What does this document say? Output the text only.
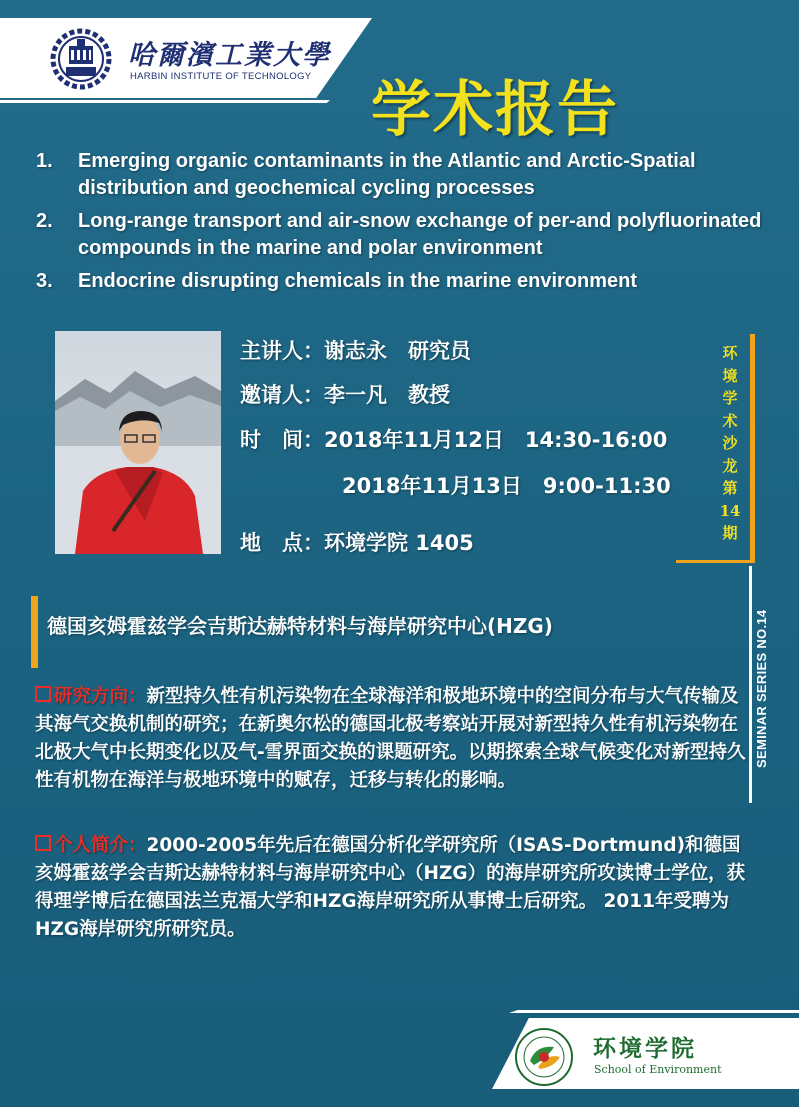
哈爾濱工業大學
HARBIN INSTITUTE OF TECHNOLOGY 学术报告
1. Emerging organic contaminants in the Atlantic and Arctic-Spatial distribution and geochemical cycling processes
2. Long-range transport and air-snow exchange of per-and polyfluorinated compounds in the marine and polar environment
3. Endocrine disrupting chemicals in the marine environment
主讲人：谢志永　研究员
邀请人：李一凡　教授
时　间：2018年11月12日　14:30-16:00
2018年11月13日　9:00-11:30
地　点：环境学院 1405
环
境
学
术
沙
龙
第
14
期
SEMINAR SERIES NO.14
德国亥姆霍兹学会吉斯达赫特材料与海岸研究中心(HZG)
研究方向：新型持久性有机污染物在全球海洋和极地环境中的空间分布与大气传输及其海气交换机制的研究；在新奥尔松的德国北极考察站开展对新型持久性有机污染物在北极大气中长期变化以及气-雪界面交换的课题研究。以期探索全球气候变化对新型持久性有机物在海洋与极地环境中的赋存，迁移与转化的影响。
个人简介：2000-2005年先后在德国分析化学研究所（ISAS-Dortmund)和德国亥姆霍兹学会吉斯达赫特材料与海岸研究中心（HZG）的海岸研究所攻读博士学位，获得理学博后在德国法兰克福大学和HZG海岸研究所从事博士后研究。 2011年受聘为HZG海岸研究所研究员。
环境学院
School of Environment
